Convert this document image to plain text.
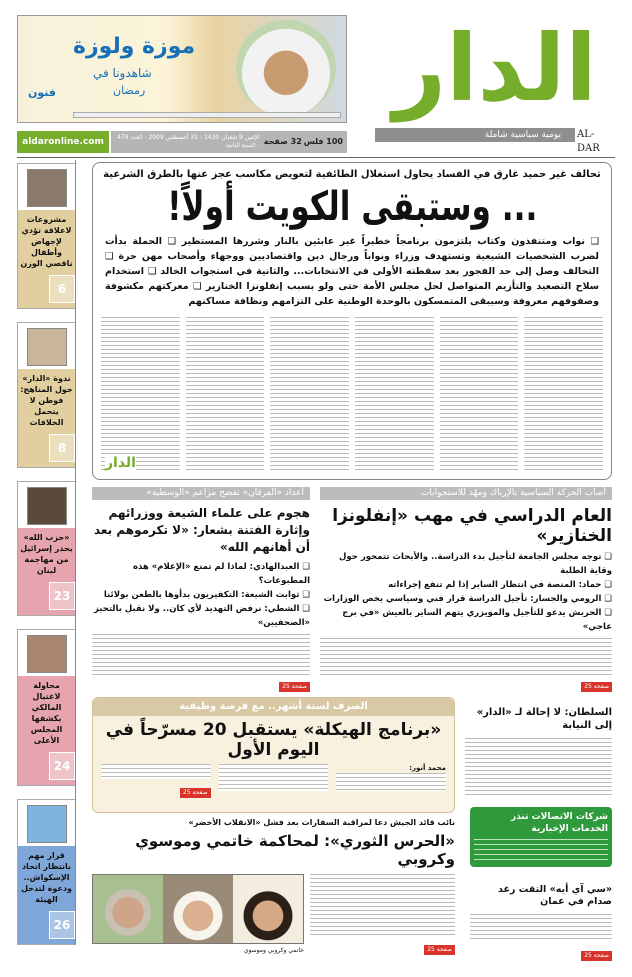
موزة ولوزة
شاهدونا في
رمضان
فنون	الدار
يومية سياسية شاملة	AL-DAR
aldaronline.com	100 فلس 32 صفحة
الإثنين 9 شعبان 1430 - 31 أغسطس 2009 - العدد 479 - السنة الثانية
مشروعات لاعلاقة تؤدي لإجهاض وأطفال ناقصي الوزن
6
ندوة «الدار» حول المناهج: فوطن لا يتحمل الخلافات
8
«حزب الله» يحذر إسرائيل من مهاجمة لبنان
23
محاولة لاغتيال المالكي يكشفها المجلس الأعلى
24
قرار مهم بانتظار اتحاد الإسكواش.. ودعوة لتدخل الهيئة
26
تحالف غير حميد غارق في الفساد يحاول استغلال الطائفية لتعويض مكاسب عجز عنها بالطرق الشرعية
... وستبقى الكويت أولاً!
❑ نواب ومتنفذون وكتاب يلتزمون برنامجاً خطيراً غير عابئين بالنار وشررها المستطير ❑ الحملة بدأت لضرب الشخصيات الشيعية وتستهدف وزراء ونواباً ورجال دين واقتصاديين ووجهاء وأصحاب مهن حرة ❑ التحالف وصل إلى حد الفجور بعد سقطته الأولى في الانتخابات... والثانية في استجواب الخالد ❑ استخدام سلاح التصعيد والتأزيم المتواصل لحل مجلس الأمة حتى ولو بسبب إنفلونزا الخنازير ❑ معركتهم مكشوفة وصفوفهم معروفة وسيبقى المتمسكون بالوحدة الوطنية على التزامهم ونظافة مساكنهم
الدار
أصاب الحركة السياسية بالإرباك ومهّد للاستجوابات
العام الدراسي في مهب «إنفلونزا الخنازير»
❑ توجه مجلس الجامعة لتأجيل بدء الدراسة.. والأبحاث تتمحور حول وقاية الطلبة
❑ حماد: المنصة في انتظار الساير إذا لم تنفع إجراءاته
❑ الرومي والجسار: تأجيل الدراسة قرار فني وسياسي يخص الوزارات
❑ الحربش يدعو للتأجيل والمويزري يتهم الساير بالعيش «في برج عاجي»
صفحة 25
أعداد «الفرقان» تفضح مزاعم «الوسطية»
هجوم على علماء الشيعة ووزرائهم وإثارة الفتنة بشعار: «لا تكرموهم بعد أن أهانهم الله»
❑ العبدالهادي: لماذا لم تمنع «الإعلام» هذه المطبوعات؟
❑ ثوابت الشيعة: التكفيريون بدأوها بالطعن بولائنا
❑ الشطي: نرفض التهديد لأي كان.. ولا نقبل بالتحيز «الصحفيين»
صفحة 25
الصرف لستة أشهر.. مع فرصة وظيفية
«برنامج الهيكلة» يستقبل 20 مسرّحاً في اليوم الأول
محمد أنور:
صفحة 25
السلطان: لا إحالة لـ «الدار» إلى النيابة
نائب قائد الجيش دعا لمراقبة السفارات بعد فشل «الانقلاب الأخضر»
«الحرس الثوري»: لمحاكمة خاتمي وموسوي وكروبي
صفحة 25
خاتمي وكروبي وموسوي
شركات الاتصالات تنذر الخدمات الإخبارية
«سي آي أيه» التقت رغد صدام في عمان
صفحة 25
